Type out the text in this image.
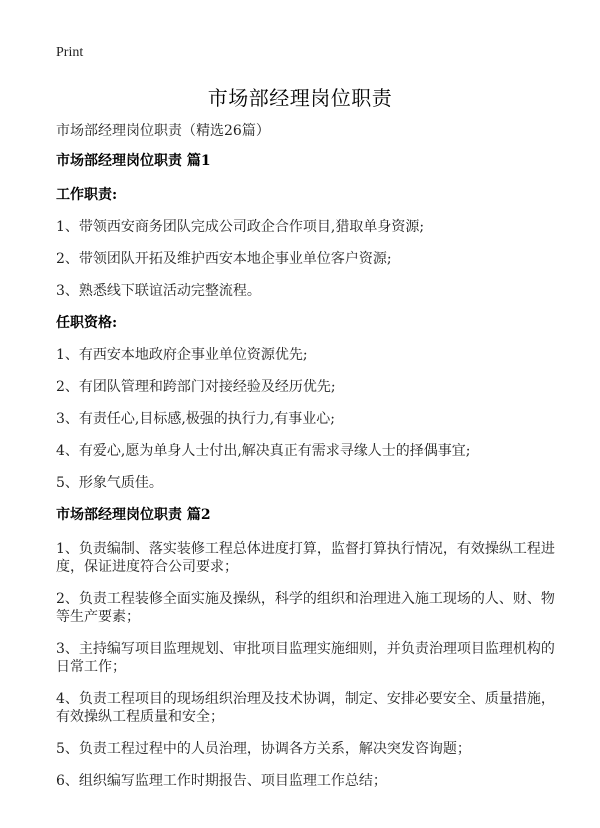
Print
市场部经理岗位职责
市场部经理岗位职责（精选26篇）
市场部经理岗位职责 篇1
工作职责:
1、带领西安商务团队完成公司政企合作项目,猎取单身资源;
2、带领团队开拓及维护西安本地企事业单位客户资源;
3、熟悉线下联谊活动完整流程。
任职资格:
1、有西安本地政府企事业单位资源优先;
2、有团队管理和跨部门对接经验及经历优先;
3、有责任心,目标感,极强的执行力,有事业心;
4、有爱心,愿为单身人士付出,解决真正有需求寻缘人士的择偶事宜;
5、形象气质佳。
市场部经理岗位职责 篇2
1、负责编制、落实装修工程总体进度打算，监督打算执行情况，有效操纵工程进度，保证进度符合公司要求；
2、负责工程装修全面实施及操纵，科学的组织和治理进入施工现场的人、财、物等生产要素；
3、主持编写项目监理规划、审批项目监理实施细则，并负责治理项目监理机构的日常工作；
4、负责工程项目的现场组织治理及技术协调，制定、安排必要安全、质量措施，有效操纵工程质量和安全；
5、负责工程过程中的人员治理，协调各方关系，解决突发咨询题；
6、组织编写监理工作时期报告、项目监理工作总结；
